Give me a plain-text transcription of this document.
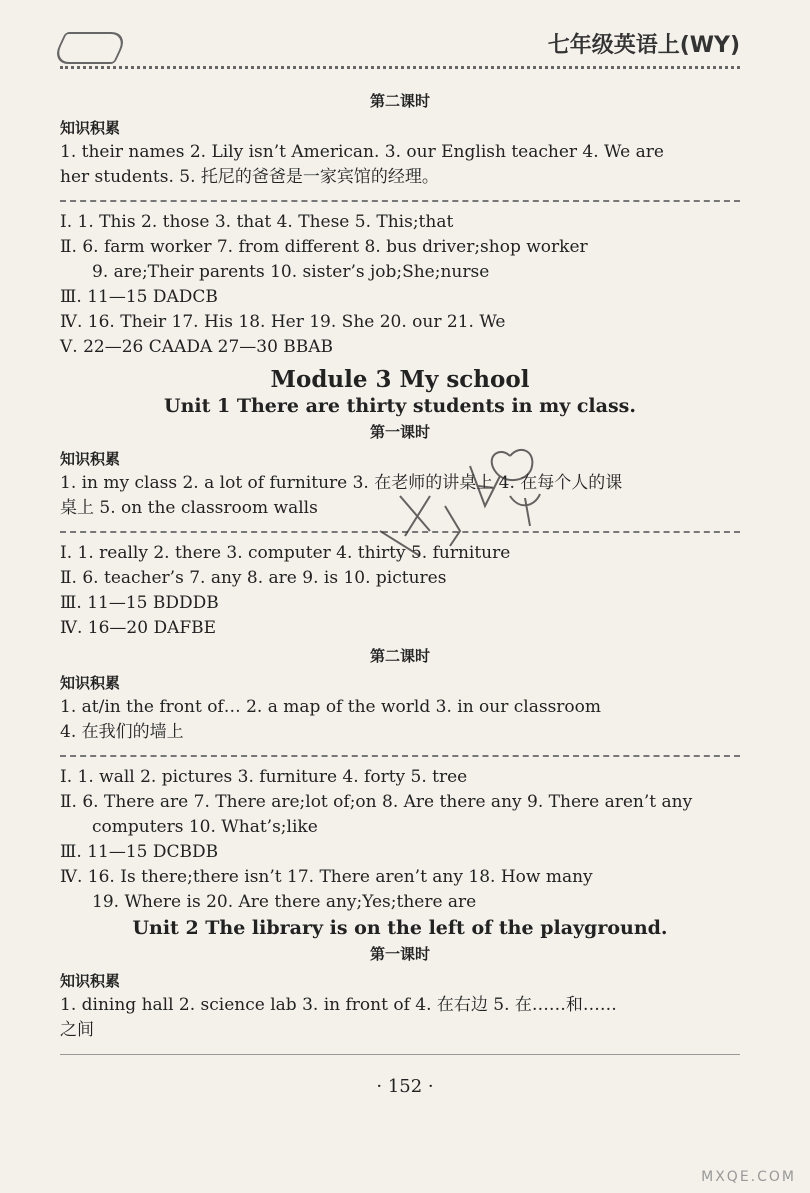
七年级英语上(WY)
第二课时
知识积累
1. their names 2. Lily isn’t American. 3. our English teacher 4. We are
her students. 5. 托尼的爸爸是一家宾馆的经理。
Ⅰ. 1. This 2. those 3. that 4. These 5. This;that
Ⅱ. 6. farm worker 7. from different 8. bus driver;shop worker
9. are;Their parents 10. sister’s job;She;nurse
Ⅲ. 11—15 DADCB
Ⅳ. 16. Their 17. His 18. Her 19. She 20. our 21. We
Ⅴ. 22—26 CAADA 27—30 BBAB
Module 3 My school
Unit 1 There are thirty students in my class.
第一课时
知识积累
1. in my class 2. a lot of furniture 3. 在老师的讲桌上 4. 在每个人的课
桌上 5. on the classroom walls
Ⅰ. 1. really 2. there 3. computer 4. thirty 5. furniture
Ⅱ. 6. teacher’s 7. any 8. are 9. is 10. pictures
Ⅲ. 11—15 BDDDB
Ⅳ. 16—20 DAFBE
第二课时
知识积累
1. at/in the front of… 2. a map of the world 3. in our classroom
4. 在我们的墙上
Ⅰ. 1. wall 2. pictures 3. furniture 4. forty 5. tree
Ⅱ. 6. There are 7. There are;lot of;on 8. Are there any 9. There aren’t any
computers 10. What’s;like
Ⅲ. 11—15 DCBDB
Ⅳ. 16. Is there;there isn’t 17. There aren’t any 18. How many
19. Where is 20. Are there any;Yes;there are
Unit 2 The library is on the left of the playground.
第一课时
知识积累
1. dining hall 2. science lab 3. in front of 4. 在右边 5. 在……和……
之间
· 152 ·
MXQE.COM
